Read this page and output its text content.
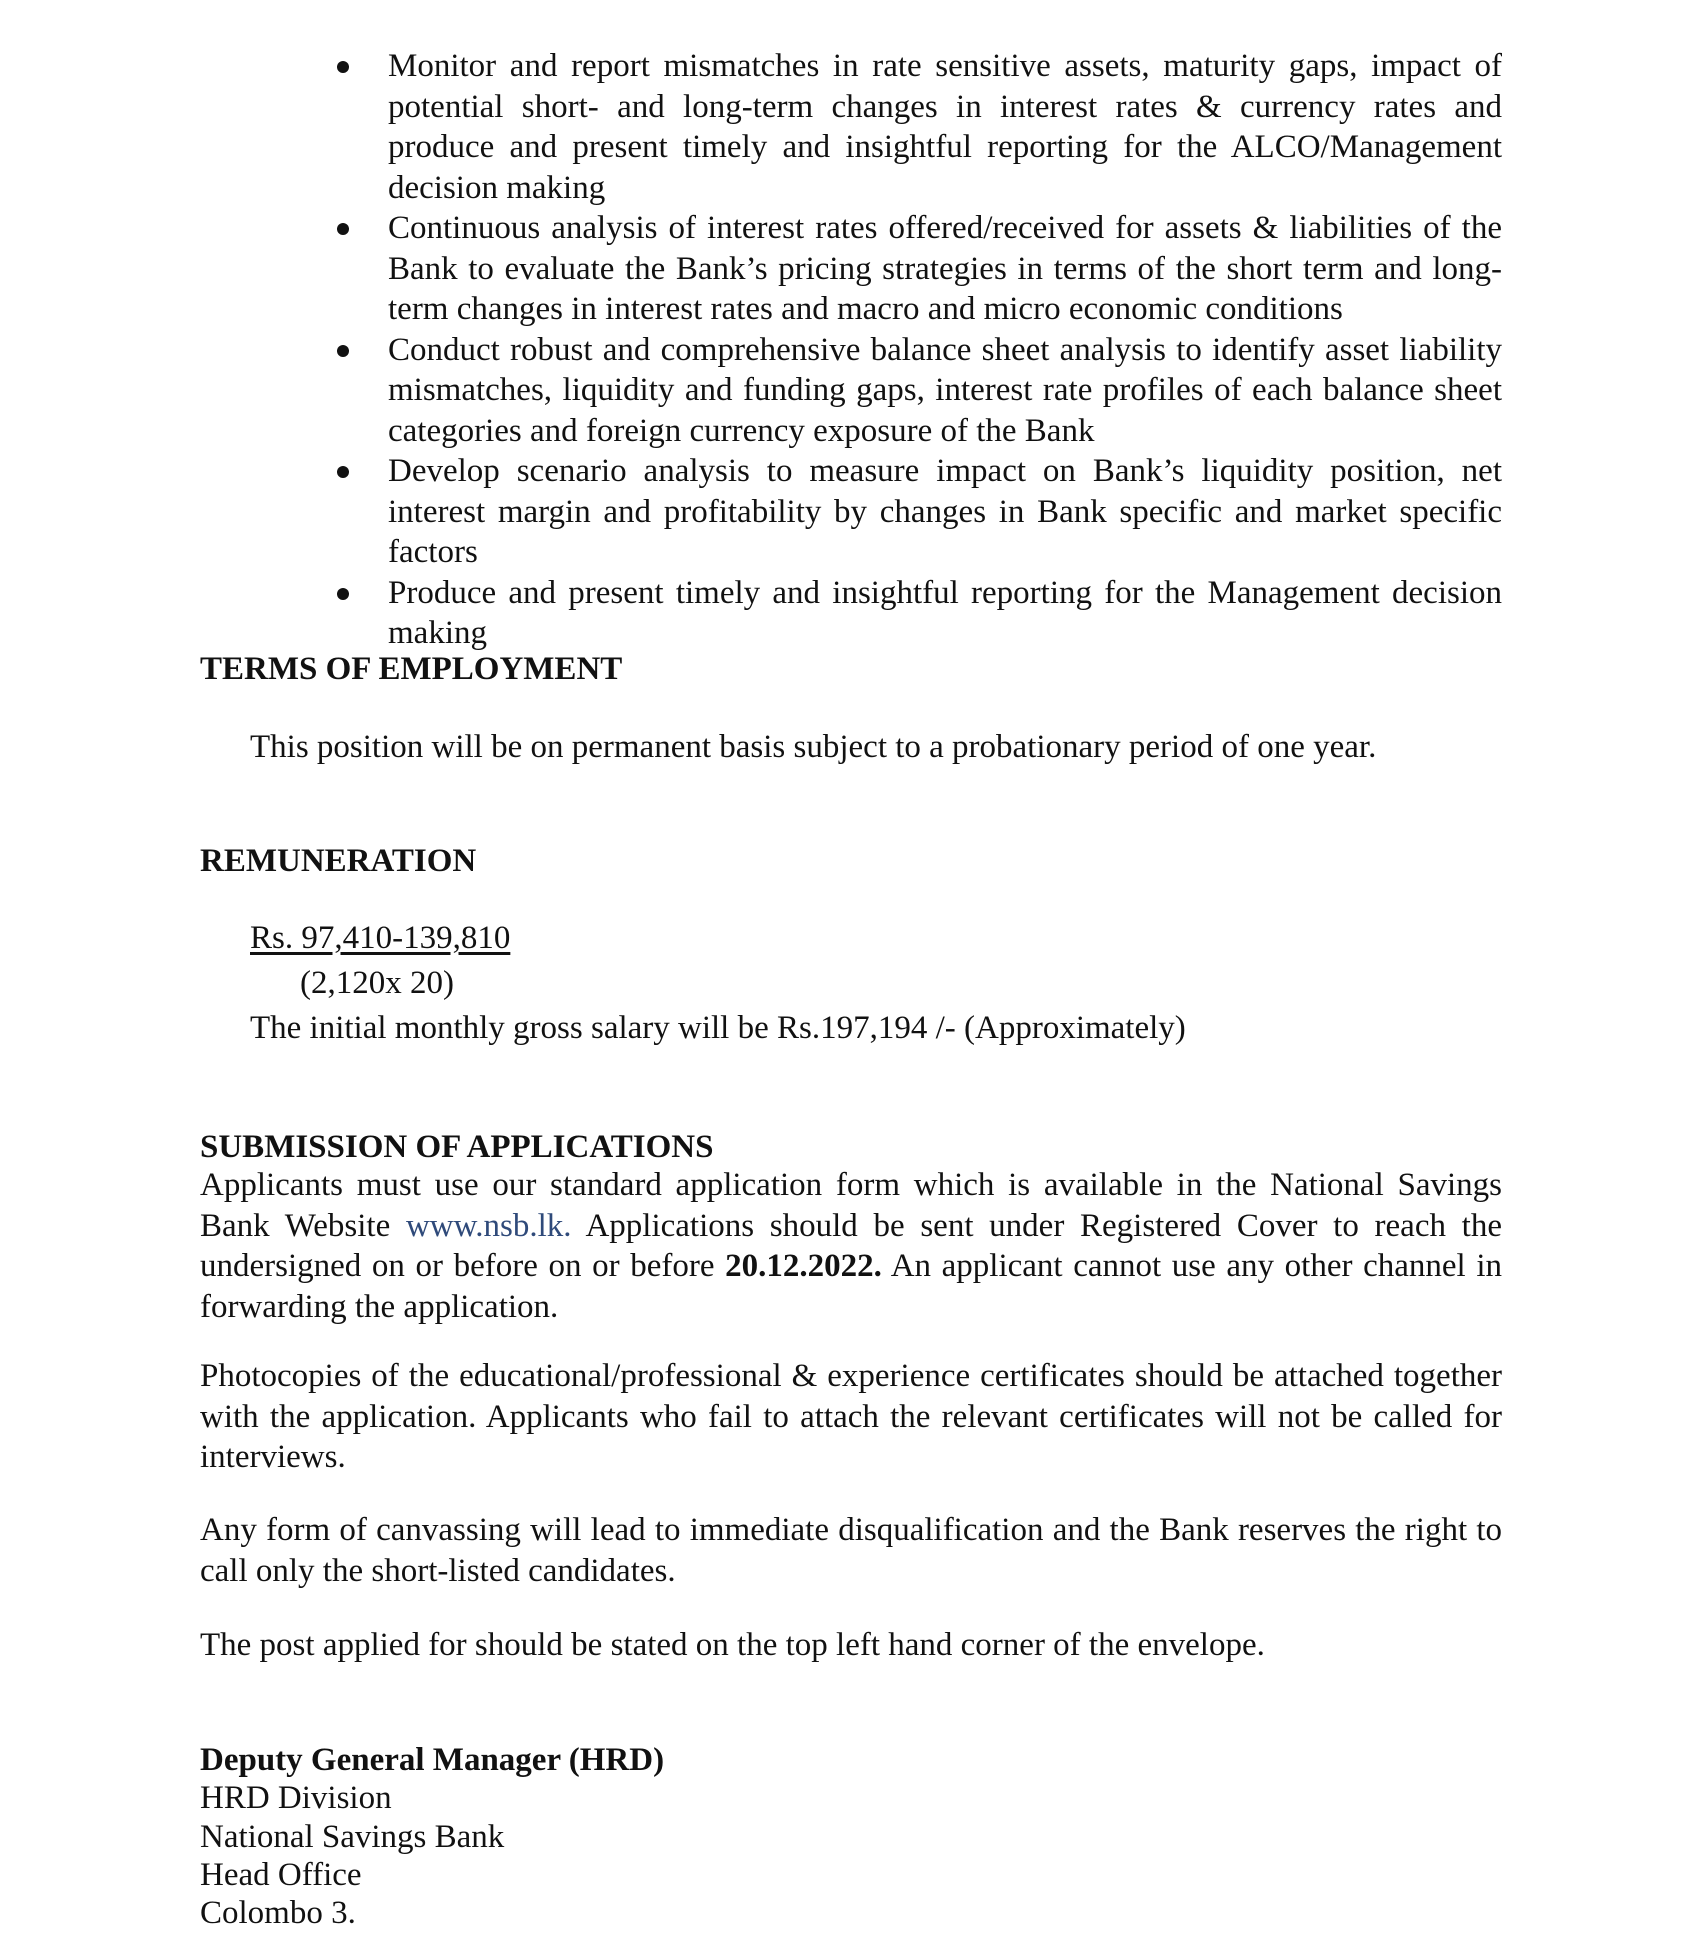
Monitor and report mismatches in rate sensitive assets, maturity gaps, impact of potential short- and long-term changes in interest rates & currency rates and produce and present timely and insightful reporting for the ALCO/Management decision making
Continuous analysis of interest rates offered/received for assets & liabilities of the Bank to evaluate the Bank’s pricing strategies in terms of the short term and long-term changes in interest rates and macro and micro economic conditions
Conduct robust and comprehensive balance sheet analysis to identify asset liability mismatches, liquidity and funding gaps, interest rate profiles of each balance sheet categories and foreign currency exposure of the Bank
Develop scenario analysis to measure impact on Bank’s liquidity position, net interest margin and profitability by changes in Bank specific and market specific factors
Produce and present timely and insightful reporting for the Management decision making
TERMS OF EMPLOYMENT
This position will be on permanent basis subject to a probationary period of one year.
REMUNERATION
Rs. 97,410-139,810
(2,120x 20)
The initial monthly gross salary will be Rs.197,194 /- (Approximately)
SUBMISSION OF APPLICATIONS
Applicants must use our standard application form which is available in the National Savings Bank Website www.nsb.lk. Applications should be sent under Registered Cover to reach the undersigned on or before on or before 20.12.2022. An applicant cannot use any other channel in forwarding the application.
Photocopies of the educational/professional & experience certificates should be attached together with the application. Applicants who fail to attach the relevant certificates will not be called for interviews.
Any form of canvassing will lead to immediate disqualification and the Bank reserves the right to call only the short-listed candidates.
The post applied for should be stated on the top left hand corner of the envelope.
Deputy General Manager (HRD)
HRD Division
National Savings Bank
Head Office
Colombo 3.
